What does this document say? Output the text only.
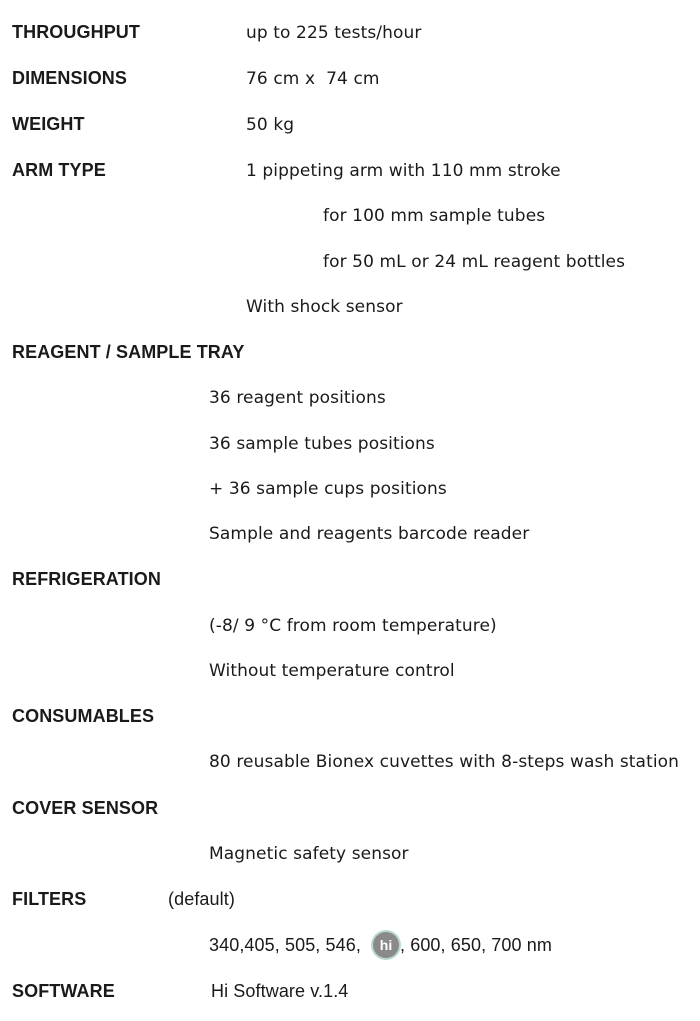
THROUGHPUT	up to 225 tests/hour
DIMENSIONS	76 cm x  74 cm
WEIGHT	50 kg
ARM TYPE	1 pippeting arm with 110 mm stroke
for 100 mm sample tubes
for 50 mL or 24 mL reagent bottles
With shock sensor
REAGENT / SAMPLE TRAY
36 reagent positions
36 sample tubes positions
+ 36 sample cups positions
Sample and reagents barcode reader
REFRIGERATION
(-8/ 9 °C from room temperature)
Without temperature control
CONSUMABLES
80 reusable Bionex cuvettes with 8-steps wash station
COVER SENSOR
Magnetic safety sensor
FILTERS	(default)
340,405, 505, 546, hi , 600, 650, 700 nm
SOFTWARE	Hi Software v.1.4
